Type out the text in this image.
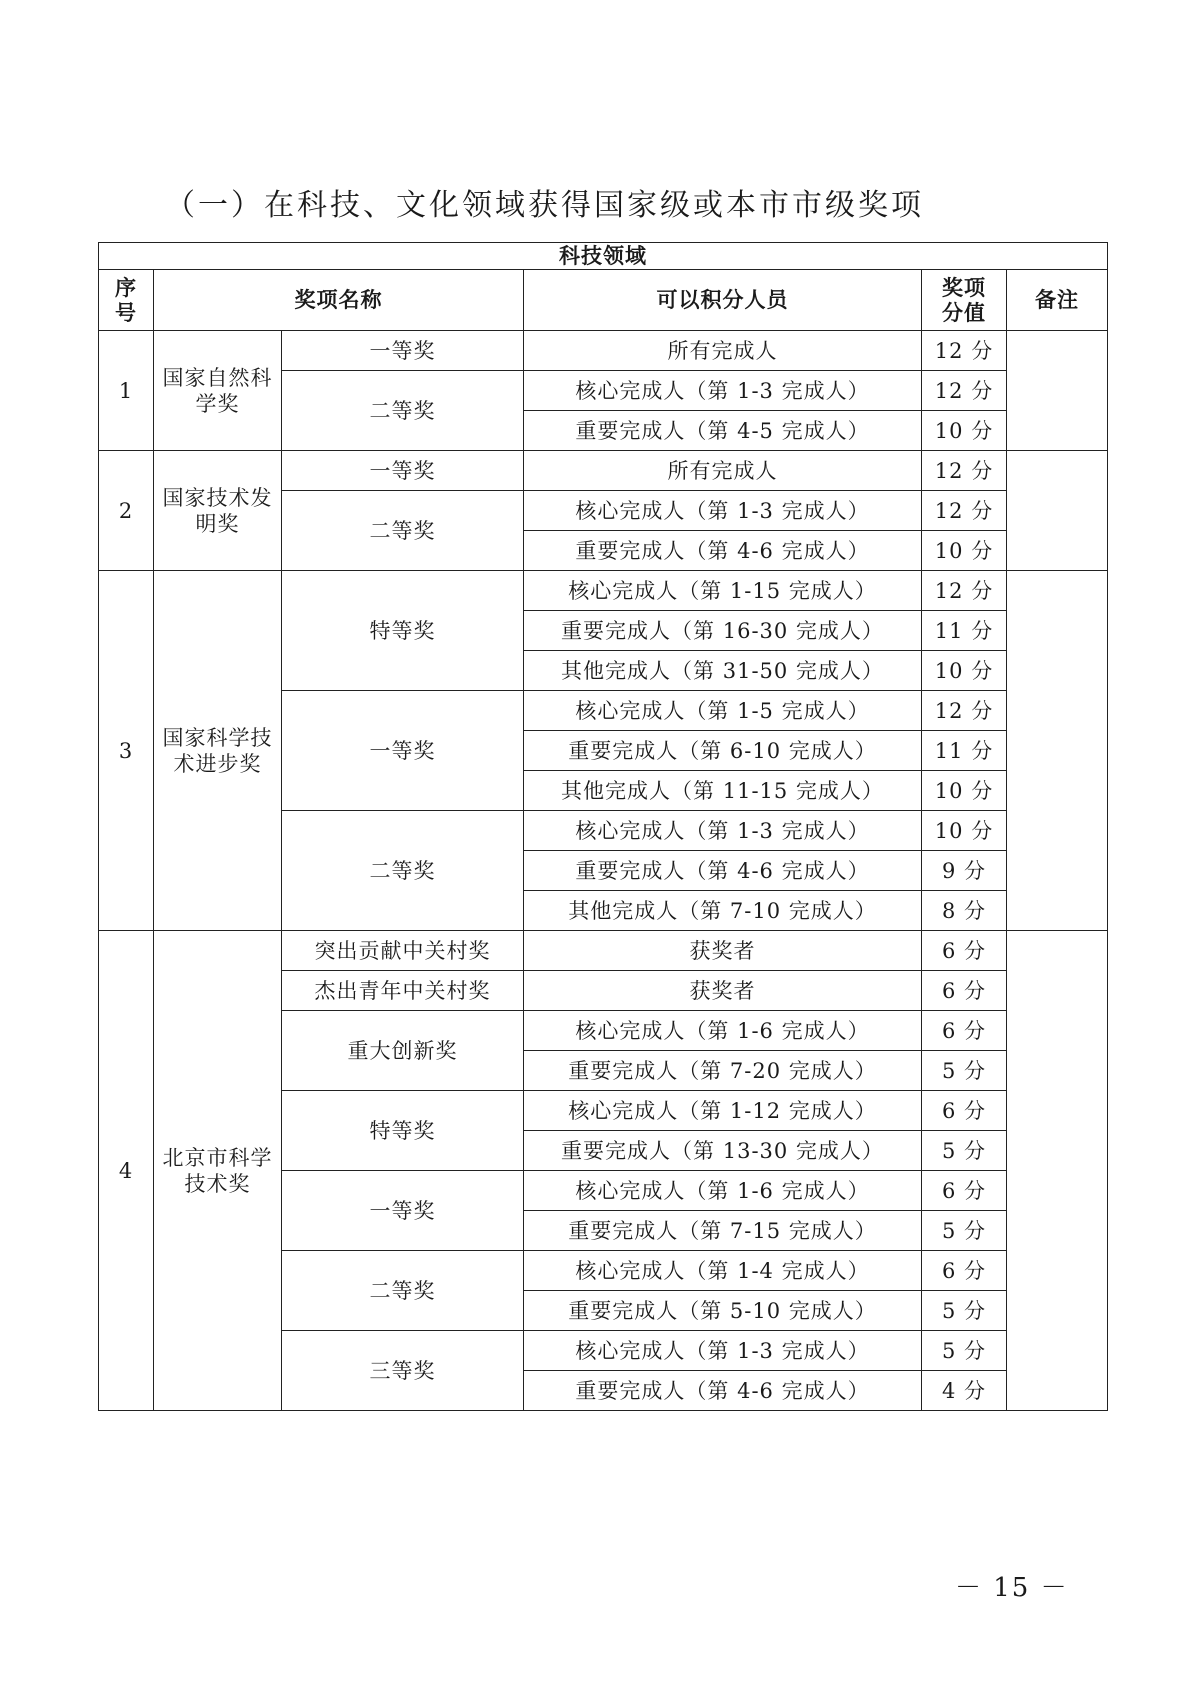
（一）在科技、文化领域获得国家级或本市市级奖项
科技领域					
序号	奖项名称		可以积分人员	奖项分值	备注
1	国家自然科学奖	一等奖	所有完成人	12 分	
		二等奖	核心完成人（第 1-3 完成人）	12 分	
			重要完成人（第 4-5 完成人）	10 分	
2	国家技术发明奖	一等奖	所有完成人	12 分	
		二等奖	核心完成人（第 1-3 完成人）	12 分	
			重要完成人（第 4-6 完成人）	10 分	
3	国家科学技术进步奖	特等奖	核心完成人（第 1-15 完成人）	12 分	
			重要完成人（第 16-30 完成人）	11 分	
			其他完成人（第 31-50 完成人）	10 分	
		一等奖	核心完成人（第 1-5 完成人）	12 分	
			重要完成人（第 6-10 完成人）	11 分	
			其他完成人（第 11-15 完成人）	10 分	
		二等奖	核心完成人（第 1-3 完成人）	10 分	
			重要完成人（第 4-6 完成人）	9 分	
			其他完成人（第 7-10 完成人）	8 分	
4	北京市科学技术奖	突出贡献中关村奖	获奖者	6 分	
		杰出青年中关村奖	获奖者	6 分	
		重大创新奖	核心完成人（第 1-6 完成人）	6 分	
			重要完成人（第 7-20 完成人）	5 分	
		特等奖	核心完成人（第 1-12 完成人）	6 分	
			重要完成人（第 13-30 完成人）	5 分	
		一等奖	核心完成人（第 1-6 完成人）	6 分	
			重要完成人（第 7-15 完成人）	5 分	
		二等奖	核心完成人（第 1-4 完成人）	6 分	
			重要完成人（第 5-10 完成人）	5 分	
		三等奖	核心完成人（第 1-3 完成人）	5 分	
			重要完成人（第 4-6 完成人）	4 分	
－ 15 －
